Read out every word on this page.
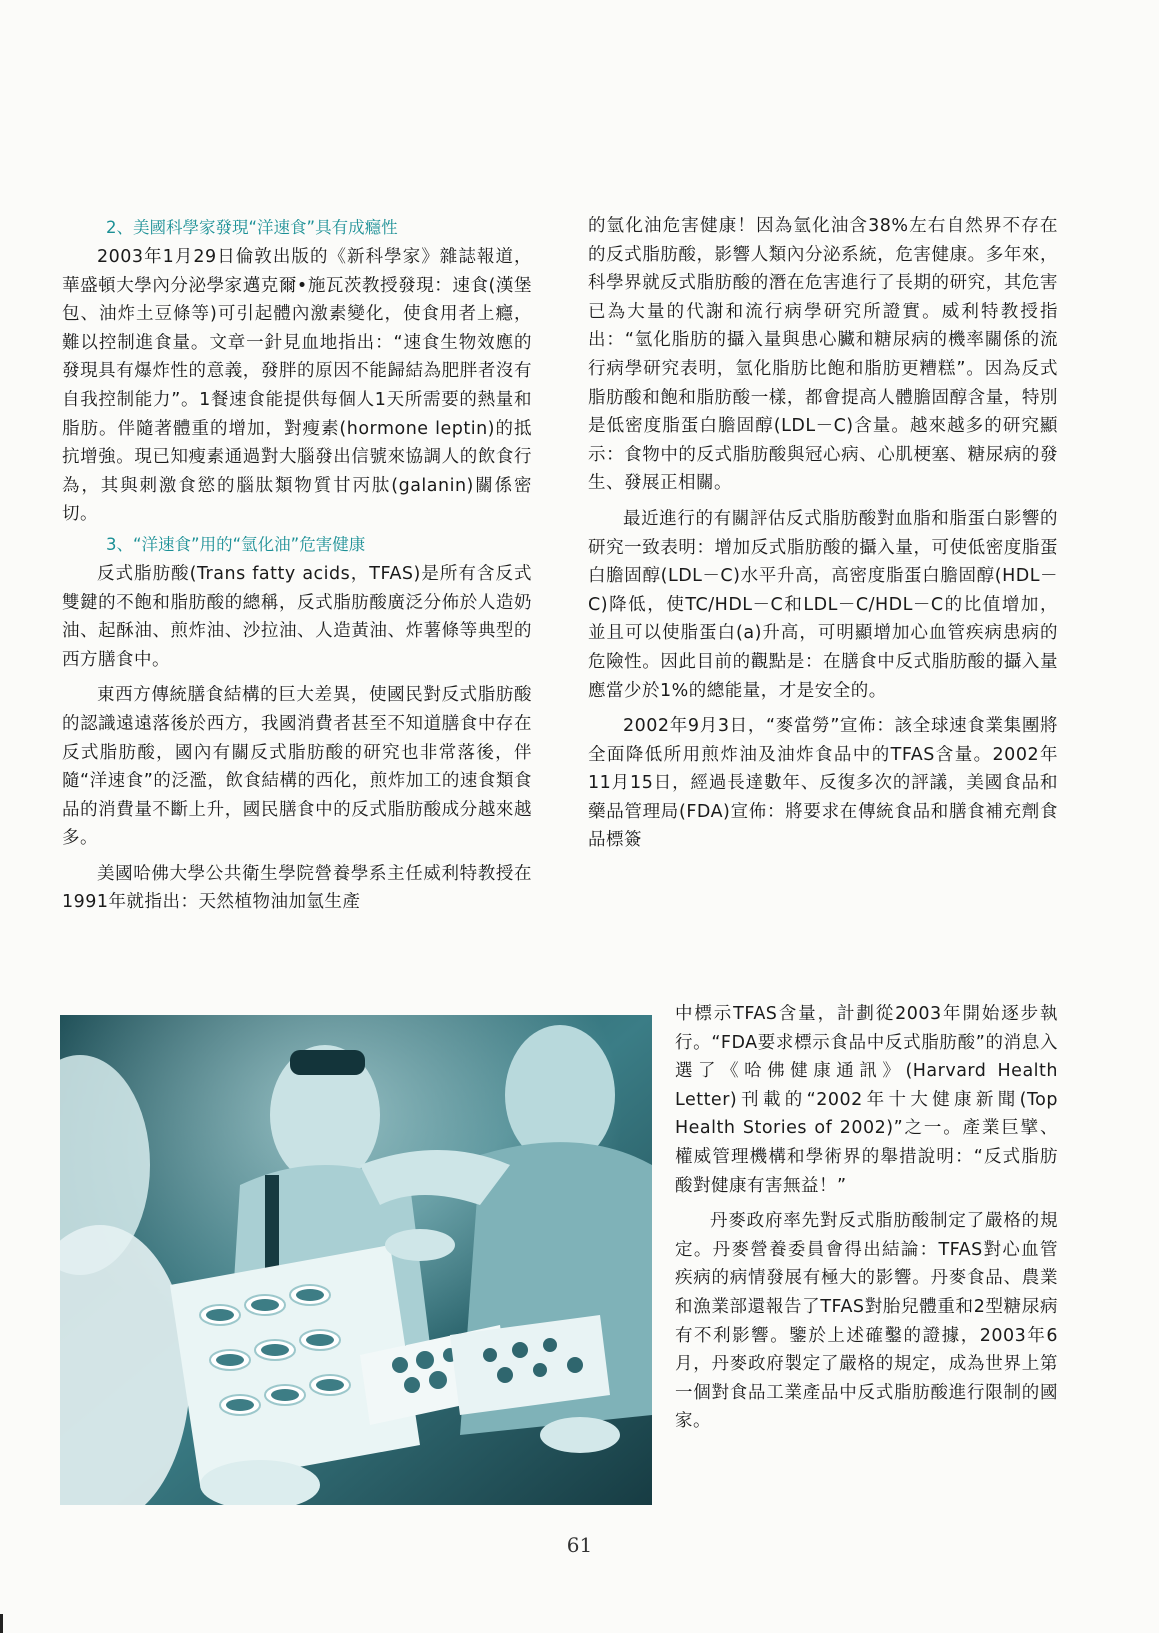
2、美國科學家發現“洋速食”具有成癮性

2003年1月29日倫敦出版的《新科學家》雜誌報道，華盛頓大學內分泌學家邁克爾•施瓦茨教授發現：速食(漢堡包、油炸土豆條等)可引起體內激素變化，使食用者上癮，難以控制進食量。文章一針見血地指出：“速食生物效應的發現具有爆炸性的意義，發胖的原因不能歸結為肥胖者沒有自我控制能力”。1餐速食能提供每個人1天所需要的熱量和脂肪。伴隨著體重的增加，對瘦素(hormone leptin)的抵抗增強。現已知瘦素通過對大腦發出信號來協調人的飲食行為，其與刺激食慾的腦肽類物質甘丙肽(galanin)關係密切。

3、“洋速食”用的“氫化油”危害健康

反式脂肪酸(Trans fatty acids，TFAS)是所有含反式雙鍵的不飽和脂肪酸的總稱，反式脂肪酸廣泛分佈於人造奶油、起酥油、煎炸油、沙拉油、人造黃油、炸薯條等典型的西方膳食中。

東西方傳統膳食結構的巨大差異，使國民對反式脂肪酸的認識遠遠落後於西方，我國消費者甚至不知道膳食中存在反式脂肪酸，國內有關反式脂肪酸的研究也非常落後，伴隨“洋速食”的泛濫，飲食結構的西化，煎炸加工的速食類食品的消費量不斷上升，國民膳食中的反式脂肪酸成分越來越多。

美國哈佛大學公共衛生學院營養學系主任威利特教授在1991年就指出：天然植物油加氫生產

的氫化油危害健康！因為氫化油含38%左右自然界不存在的反式脂肪酸，影響人類內分泌系統，危害健康。多年來，科學界就反式脂肪酸的潛在危害進行了長期的研究，其危害已為大量的代謝和流行病學研究所證實。威利特教授指出：“氫化脂肪的攝入量與患心臟和糖尿病的機率關係的流行病學研究表明，氫化脂肪比飽和脂肪更糟糕”。因為反式脂肪酸和飽和脂肪酸一樣，都會提高人體膽固醇含量，特別是低密度脂蛋白膽固醇(LDL－C)含量。越來越多的研究顯示：食物中的反式脂肪酸與冠心病、心肌梗塞、糖尿病的發生、發展正相關。

最近進行的有關評估反式脂肪酸對血脂和脂蛋白影響的研究一致表明：增加反式脂肪酸的攝入量，可使低密度脂蛋白膽固醇(LDL－C)水平升高，高密度脂蛋白膽固醇(HDL－C)降低，使TC/HDL－C和LDL－C/HDL－C的比值增加，並且可以使脂蛋白(a)升高，可明顯增加心血管疾病患病的危險性。因此目前的觀點是：在膳食中反式脂肪酸的攝入量應當少於1%的總能量，才是安全的。

2002年9月3日，“麥當勞”宣佈：該全球速食業集團將全面降低所用煎炸油及油炸食品中的TFAS含量。2002年11月15日，經過長達數年、反復多次的評議，美國食品和藥品管理局(FDA)宣佈：將要求在傳統食品和膳食補充劑食品標簽

中標示TFAS含量，計劃從2003年開始逐步執行。“FDA要求標示食品中反式脂肪酸”的消息入選了《哈佛健康通訊》(Harvard Health Letter)刊載的“2002年十大健康新聞(Top Health Stories of 2002)”之一。產業巨擘、權威管理機構和學術界的舉措說明：“反式脂肪酸對健康有害無益！”

丹麥政府率先對反式脂肪酸制定了嚴格的規定。丹麥營養委員會得出結論：TFAS對心血管疾病的病情發展有極大的影響。丹麥食品、農業和漁業部還報告了TFAS對胎兒體重和2型糖尿病有不利影響。鑒於上述確鑿的證據，2003年6月，丹麥政府製定了嚴格的規定，成為世界上第一個對食品工業產品中反式脂肪酸進行限制的國家。

61
